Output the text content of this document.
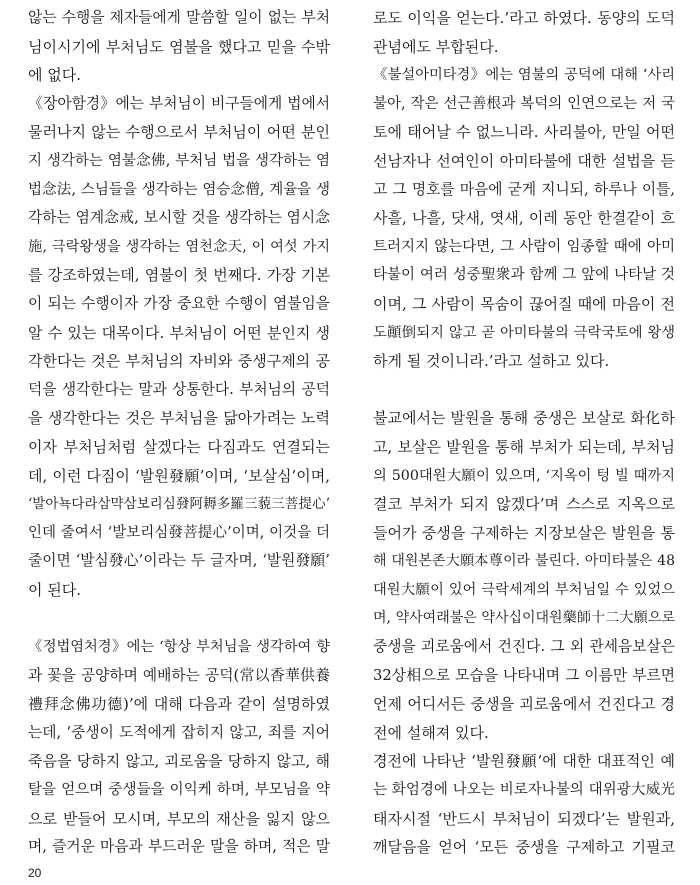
않는 수행을 제자들에게 말씀할 일이 없는 부처
님이시기에 부처님도 염불을 했다고 믿을 수밖
에 없다.

《장아함경》에는 부처님이 비구들에게 법에서
물러나지 않는 수행으로서 부처님이 어떤 분인
지 생각하는 염불念佛, 부처님 법을 생각하는 염
법念法, 스님들을 생각하는 염승念僧, 계율을 생
각하는 염계念戒, 보시할 것을 생각하는 염시念
施, 극락왕생을 생각하는 염천念天, 이 여섯 가지
를 강조하였는데, 염불이 첫 번째다. 가장 기본
이 되는 수행이자 가장 중요한 수행이 염불임을
알 수 있는 대목이다. 부처님이 어떤 분인지 생
각한다는 것은 부처님의 자비와 중생구제의 공
덕을 생각한다는 말과 상통한다. 부처님의 공덕
을 생각한다는 것은 부처님을 닮아가려는 노력
이자 부처님처럼 살겠다는 다짐과도 연결되는
데, 이런 다짐이 ‘발원發願’이며, ‘보살심’이며,
‘발아뇩다라삼먁삼보리심發阿耨多羅三藐三菩提心’
인데 줄여서 ‘발보리심發菩提心’이며, 이것을 더
줄이면 ‘발심發心’이라는 두 글자며, ‘발원發願’
이 된다.

《정법염처경》에는 ‘항상 부처님을 생각하여 향
과 꽃을 공양하며 예배하는 공덕(常以香華供養
禮拜念佛功德)’에 대해 다음과 같이 설명하였
는데, ‘중생이 도적에게 잡히지 않고, 죄를 지어
죽음을 당하지 않고, 괴로움을 당하지 않고, 해
탈을 얻으며 중생들을 이익케 하며, 부모님을 약
으로 받들어 모시며, 부모의 재산을 잃지 않으
며, 즐거운 마음과 부드러운 말을 하며, 적은 말

로도 이익을 얻는다.’라고 하였다. 동양의 도덕
관념에도 부합된다.

《불설아미타경》에는 염불의 공덕에 대해 ‘사리
불아, 작은 선근善根과 복덕의 인연으로는 저 국
토에 태어날 수 없느니라. 사리불아, 만일 어떤
선남자나 선여인이 아미타불에 대한 설법을 듣
고 그 명호를 마음에 굳게 지니되, 하루나 이틀,
사흘, 나흘, 닷새, 엿새, 이레 동안 한결같이 흐
트러지지 않는다면, 그 사람이 임종할 때에 아미
타불이 여러 성중聖衆과 함께 그 앞에 나타날 것
이며, 그 사람이 목숨이 끊어질 때에 마음이 전
도顚倒되지 않고 곧 아미타불의 극락국토에 왕생
하게 될 것이니라.’라고 설하고 있다.

불교에서는 발원을 통해 중생은 보살로 화化하
고, 보살은 발원을 통해 부처가 되는데, 부처님
의 500대원大願이 있으며, ‘지옥이 텅 빌 때까지
결코 부처가 되지 않겠다’며 스스로 지옥으로
들어가 중생을 구제하는 지장보살은 발원을 통
해 대원본존大願本尊이라 불린다. 아미타불은 48
대원大願이 있어 극락세계의 부처님일 수 있었으
며, 약사여래불은 약사십이대원藥師十二大願으로
중생을 괴로움에서 건진다. 그 외 관세음보살은
32상相으로 모습을 나타내며 그 이름만 부르면
언제 어디서든 중생을 괴로움에서 건진다고 경
전에 설해져 있다.

경전에 나타난 ‘발원發願’에 대한 대표적인 예
는 화엄경에 나오는 비로자나불의 대위광大威光
태자시절 ‘반드시 부처님이 되겠다’는 발원과,
깨달음을 얻어 ‘모든 중생을 구제하고 기필코

20
